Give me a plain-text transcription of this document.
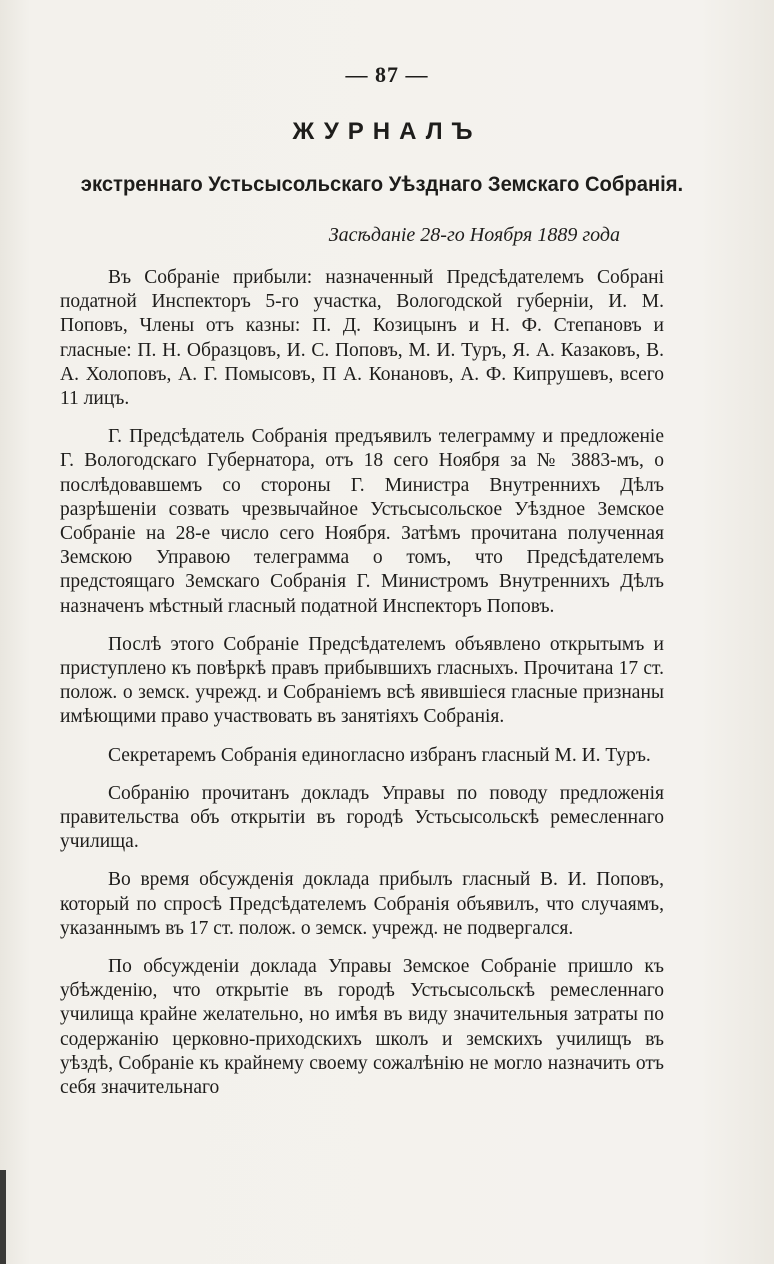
— 87 —
ЖУРНАЛЪ
экстреннаго Устьсысольскаго Уѣзднаго Земскаго Собранія.
Засѣданіе 28-го Ноября 1889 года

Въ Собраніе прибыли: назначенный Предсѣдателемъ Собрані податной Инспекторъ 5-го участка, Вологодской губерніи, И. М. Поповъ, Члены отъ казны: П. Д. Козицынъ и Н. Ф. Степановъ и гласные: П. Н. Образцовъ, И. С. Поповъ, М. И. Туръ, Я. А. Казаковъ, В. А. Холоповъ, А. Г. Помысовъ, П А. Конановъ, А. Ф. Кипрушевъ, всего 11 лицъ.

Г. Предсѣдатель Собранія предъявилъ телеграмму и предложеніе Г. Вологодскаго Губернатора, отъ 18 сего Ноября за № 3883-мъ, о послѣдовавшемъ со стороны Г. Министра Внутреннихъ Дѣлъ разрѣшеніи созвать чрезвычайное Устьсысольское Уѣздное Земское Собраніе на 28-е число сего Ноября. Затѣмъ прочитана полученная Земскою Управою телеграмма о томъ, что Предсѣдателемъ предстоящаго Земскаго Собранія Г. Министромъ Внутреннихъ Дѣлъ назначенъ мѣстный гласный податной Инспекторъ Поповъ.

Послѣ этого Собраніе Предсѣдателемъ объявлено открытымъ и приступлено къ повѣркѣ правъ прибывшихъ гласныхъ. Прочитана 17 ст. полож. о земск. учрежд. и Собраніемъ всѣ явившіеся гласные признаны имѣющими право участвовать въ занятіяхъ Собранія.

Секретаремъ Собранія единогласно избранъ гласный М. И. Туръ.

Собранію прочитанъ докладъ Управы по поводу предложенія правительства объ открытіи въ городѣ Устьсысольскѣ ремесленнаго училища.

Во время обсужденія доклада прибылъ гласный В. И. Поповъ, который по спросѣ Предсѣдателемъ Собранія объявилъ, что случаямъ, указаннымъ въ 17 ст. полож. о земск. учрежд. не подвергался.

По обсужденіи доклада Управы Земское Собраніе пришло къ убѣжденію, что открытіе въ городѣ Устьсысольскѣ ремесленнаго училища крайне желательно, но имѣя въ виду значительныя затраты по содержанію церковно-приходскихъ школъ и земскихъ училищъ въ уѣздѣ, Собраніе къ крайнему своему сожалѣнію не могло назначить отъ себя значительнаго
